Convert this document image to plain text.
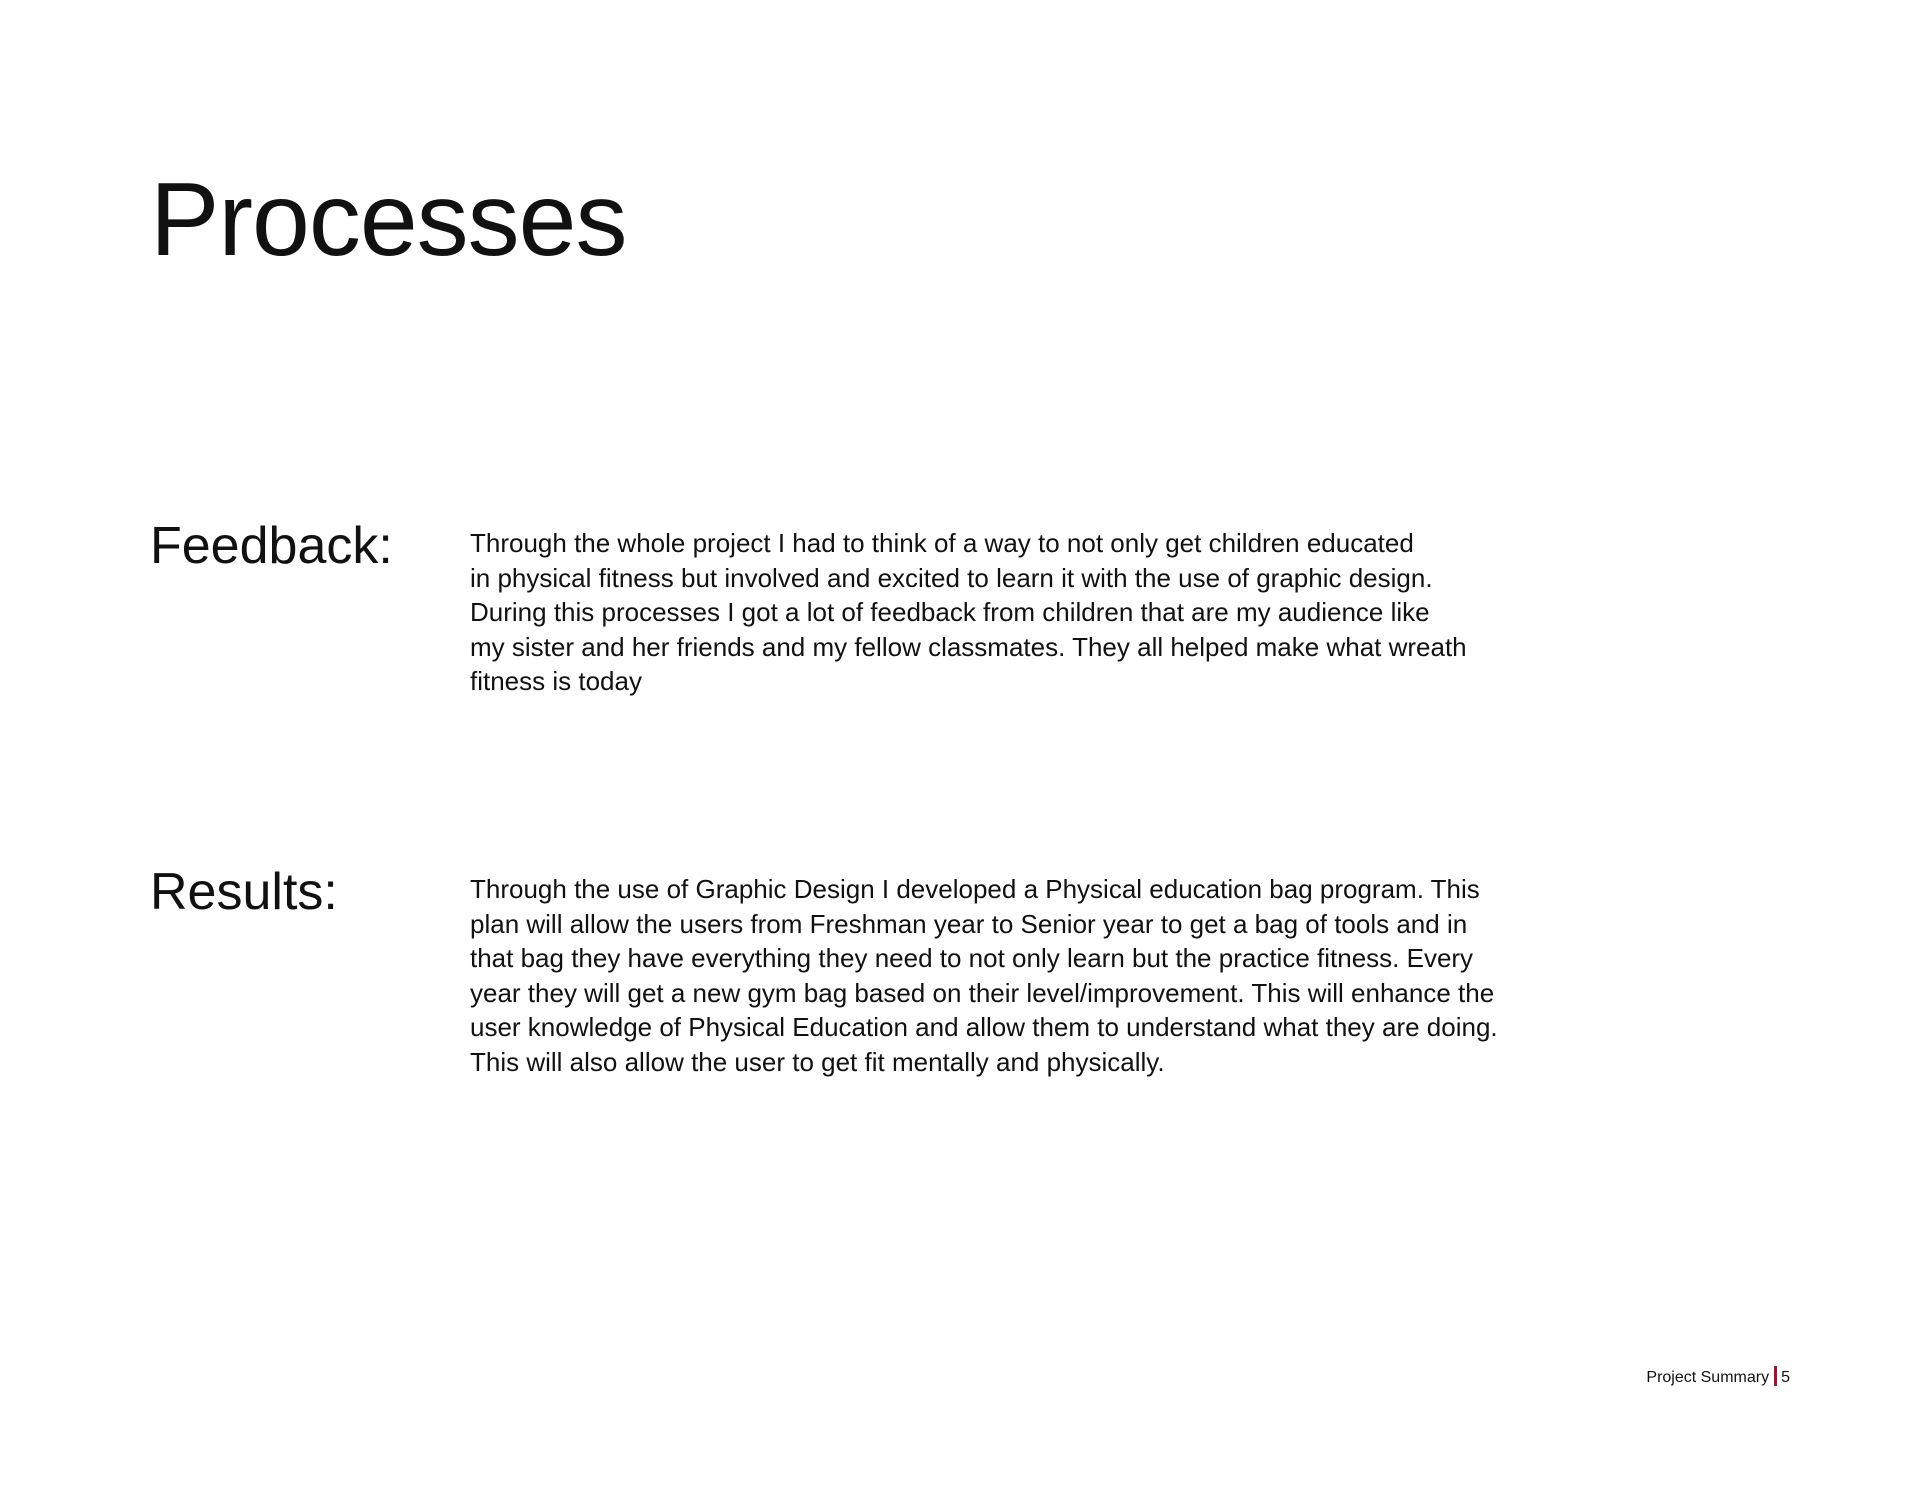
Processes
Feedback:	Through the whole project I had to think of a way to not only get children educated
in physical fitness but involved and excited to learn it with the use of graphic design.
During this processes I got a lot of feedback from children that are my audience like
my sister and her friends and my fellow classmates. They all helped make what wreath
fitness is today
Results:	Through the use of Graphic Design I developed a Physical education bag program. This
plan will allow the users from Freshman year to Senior year to get a bag of tools and in
that bag they have everything they need to not only learn but the practice fitness. Every
year they will get a new gym bag based on their level/improvement. This will enhance the
user knowledge of Physical Education and allow them to understand what they are doing.
This will also allow the user to get fit mentally and physically.
Project Summary 5
